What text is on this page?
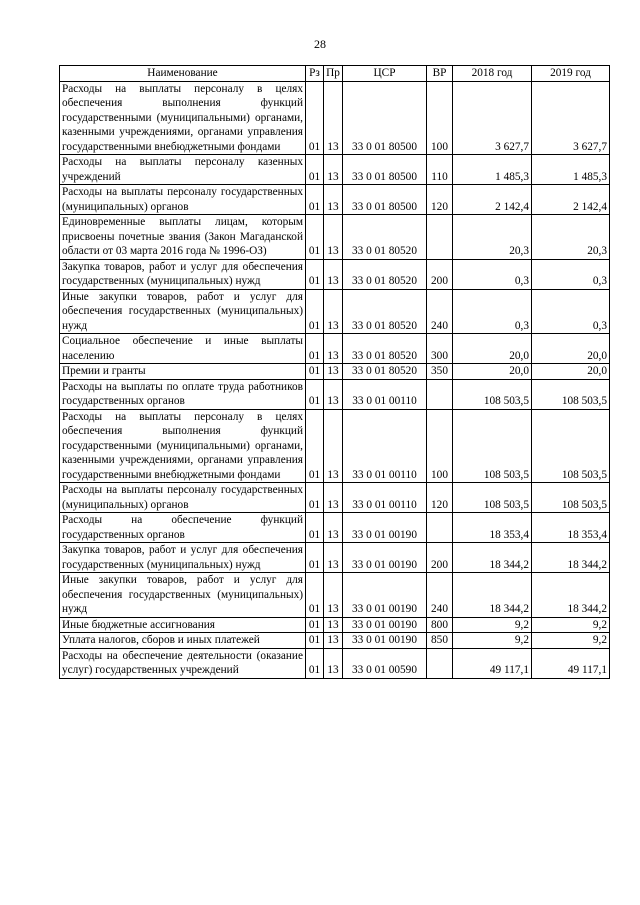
28
Наименование	Рз	Пр	ЦСР	ВР	2018 год	2019 год
Расходы на выплаты персоналу в целях обеспечения выполнения функций государственными (муниципальными) органами, казенными учреждениями, органами управления государственными внебюджетными фондами	01	13	33 0 01 80500	100	3 627,7	3 627,7
Расходы на выплаты персоналу казенных учреждений	01	13	33 0 01 80500	110	1 485,3	1 485,3
Расходы на выплаты персоналу государственных (муниципальных) органов	01	13	33 0 01 80500	120	2 142,4	2 142,4
Единовременные выплаты лицам, которым присвоены почетные звания (Закон Магаданской области от 03 марта 2016 года № 1996-ОЗ)	01	13	33 0 01 80520		20,3	20,3
Закупка товаров, работ и услуг для обеспечения государственных (муниципальных) нужд	01	13	33 0 01 80520	200	0,3	0,3
Иные закупки товаров, работ и услуг для обеспечения государственных (муниципальных) нужд	01	13	33 0 01 80520	240	0,3	0,3
Социальное обеспечение и иные выплаты населению	01	13	33 0 01 80520	300	20,0	20,0
Премии и гранты	01	13	33 0 01 80520	350	20,0	20,0
Расходы на выплаты по оплате труда работников государственных органов	01	13	33 0 01 00110		108 503,5	108 503,5
Расходы на выплаты персоналу в целях обеспечения выполнения функций государственными (муниципальными) органами, казенными учреждениями, органами управления государственными внебюджетными фондами	01	13	33 0 01 00110	100	108 503,5	108 503,5
Расходы на выплаты персоналу государственных (муниципальных) органов	01	13	33 0 01 00110	120	108 503,5	108 503,5
Расходы на обеспечение функций государственных органов	01	13	33 0 01 00190		18 353,4	18 353,4
Закупка товаров, работ и услуг для обеспечения государственных (муниципальных) нужд	01	13	33 0 01 00190	200	18 344,2	18 344,2
Иные закупки товаров, работ и услуг для обеспечения государственных (муниципальных) нужд	01	13	33 0 01 00190	240	18 344,2	18 344,2
Иные бюджетные ассигнования	01	13	33 0 01 00190	800	9,2	9,2
Уплата налогов, сборов и иных платежей	01	13	33 0 01 00190	850	9,2	9,2
Расходы на обеспечение деятельности (оказание услуг) государственных учреждений	01	13	33 0 01 00590		49 117,1	49 117,1
